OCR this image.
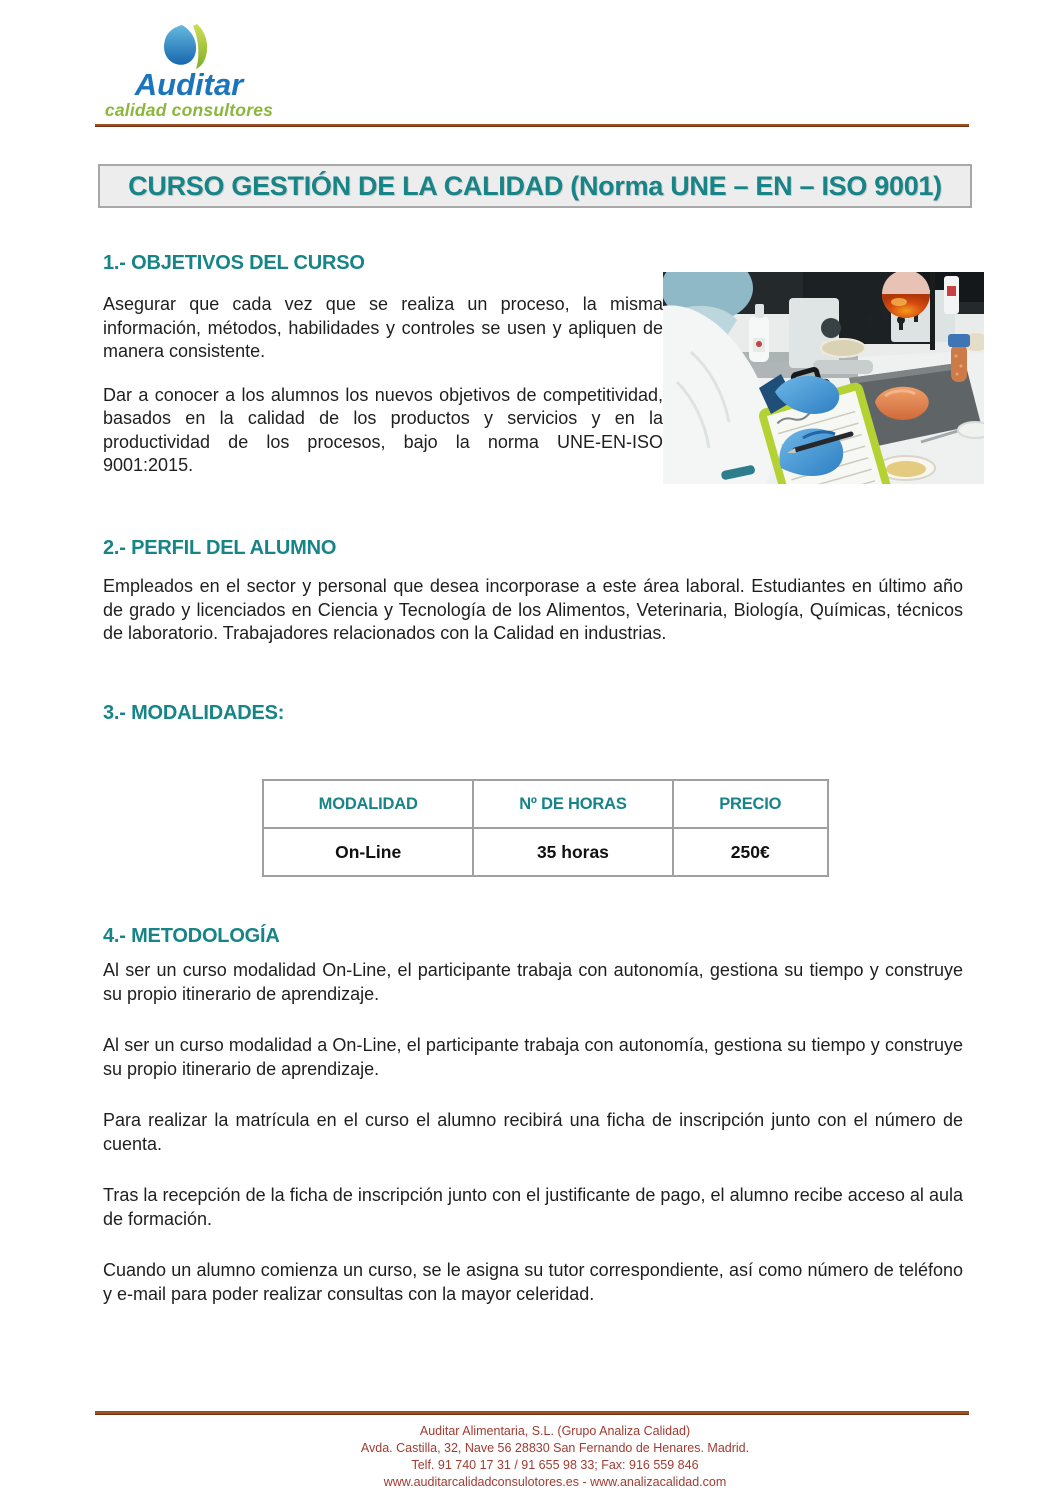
Auditar
calidad consultores
CURSO GESTIÓN DE LA CALIDAD (Norma UNE – EN – ISO 9001)
1.- OBJETIVOS DEL CURSO

Asegurar que cada vez que se realiza un proceso, la misma información, métodos, habilidades y controles se usen y apliquen de manera consistente.

Dar a conocer a los alumnos los nuevos objetivos de competitividad, basados en la calidad de los productos y servicios y en la productividad de los procesos, bajo la norma UNE-EN-ISO 9001:2015.

2.- PERFIL DEL ALUMNO

Empleados en el sector y personal que desea incorporase a este área laboral. Estudiantes en último año de grado y licenciados en Ciencia y Tecnología de los Alimentos, Veterinaria, Biología, Químicas, técnicos de laboratorio. Trabajadores relacionados con la Calidad en industrias.

3.- MODALIDADES:
MODALIDAD	Nº DE HORAS	PRECIO
On-Line	35 horas	250€
4.- METODOLOGÍA

Al ser un curso modalidad On-Line, el participante trabaja con autonomía, gestiona su tiempo y construye su propio itinerario de aprendizaje.

Al ser un curso modalidad a On-Line, el participante trabaja con autonomía, gestiona su tiempo y construye su propio itinerario de aprendizaje.

Para realizar la matrícula en el curso el alumno recibirá una ficha de inscripción junto con el número de cuenta.

Tras la recepción de la ficha de inscripción junto con el justificante de pago, el alumno recibe acceso al aula de formación.

Cuando un alumno comienza un curso, se le asigna su tutor correspondiente, así como número de teléfono y e-mail para poder realizar consultas con la mayor celeridad.

Auditar Alimentaria, S.L. (Grupo Analiza Calidad)
Avda. Castilla, 32, Nave 56 28830 San Fernando de Henares. Madrid.
Telf. 91 740 17 31 / 91 655 98 33; Fax: 916 559 846
www.auditarcalidadconsulotores.es - www.analizacalidad.com
